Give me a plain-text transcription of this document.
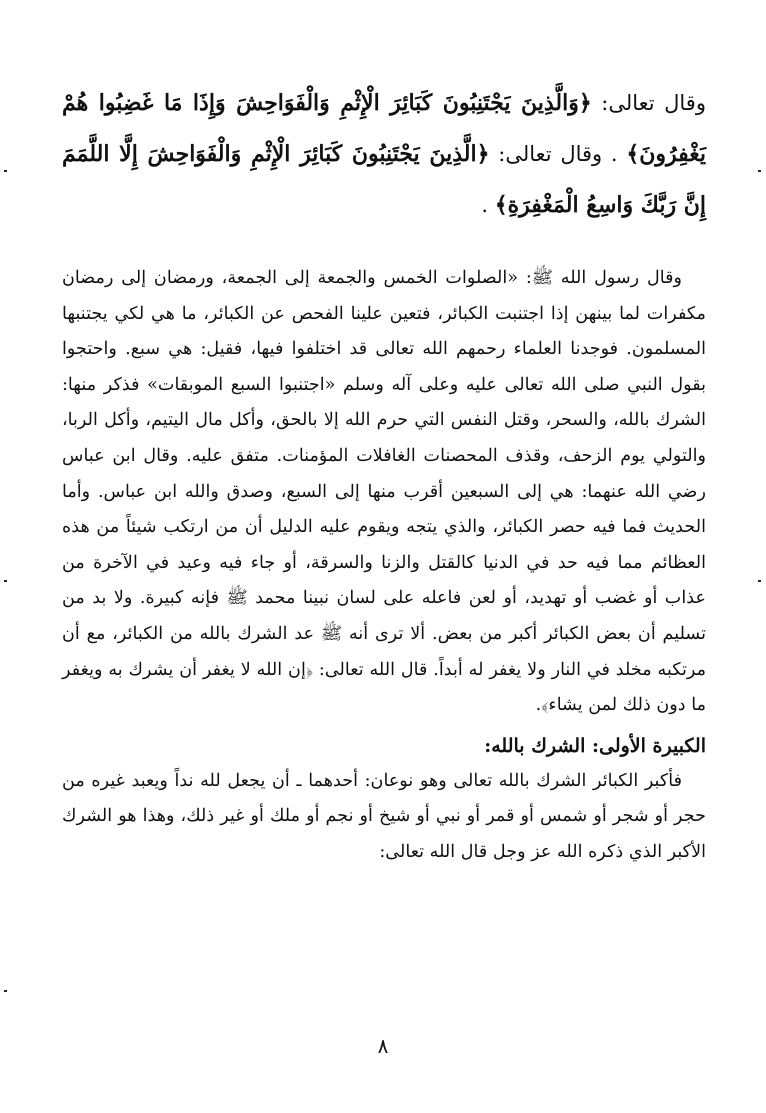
وقال تعالى: ﴿وَالَّذِينَ يَجْتَنِبُونَ كَبَائِرَ الْإِثْمِ وَالْفَوَاحِشَ وَإِذَا مَا غَضِبُوا هُمْ يَغْفِرُونَ﴾ . وقال تعالى: ﴿الَّذِينَ يَجْتَنِبُونَ كَبَائِرَ الْإِثْمِ وَالْفَوَاحِشَ إِلَّا اللَّمَمَ إِنَّ رَبَّكَ وَاسِعُ الْمَغْفِرَةِ﴾ .

وقال رسول الله ﷺ: «الصلوات الخمس والجمعة إلى الجمعة، ورمضان إلى رمضان مكفرات لما بينهن إذا اجتنبت الكبائر، فتعين علينا الفحص عن الكبائر، ما هي لكي يجتنبها المسلمون. فوجدنا العلماء رحمهم الله تعالى قد اختلفوا فيها، فقيل: هي سبع. واحتجوا بقول النبي صلى الله تعالى عليه وعلى آله وسلم «اجتنبوا السبع الموبقات» فذكر منها: الشرك بالله، والسحر، وقتل النفس التي حرم الله إلا بالحق، وأكل مال اليتيم، وأكل الربا، والتولي يوم الزحف، وقذف المحصنات الغافلات المؤمنات. متفق عليه. وقال ابن عباس رضي الله عنهما: هي إلى السبعين أقرب منها إلى السبع، وصدق والله ابن عباس. وأما الحديث فما فيه حصر الكبائر، والذي يتجه ويقوم عليه الدليل أن من ارتكب شيئاً من هذه العظائم مما فيه حد في الدنيا كالقتل والزنا والسرقة، أو جاء فيه وعيد في الآخرة من عذاب أو غضب أو تهديد، أو لعن فاعله على لسان نبينا محمد ﷺ فإنه كبيرة. ولا بد من تسليم أن بعض الكبائر أكبر من بعض. ألا ترى أنه ﷺ عد الشرك بالله من الكبائر، مع أن مرتكبه مخلد في النار ولا يغفر له أبداً. قال الله تعالى: ﴿إن الله لا يغفر أن يشرك به ويغفر ما دون ذلك لمن يشاء﴾.

الكبيرة الأولى: الشرك بالله:

فأكبر الكبائر الشرك بالله تعالى وهو نوعان: أحدهما ـ أن يجعل لله نداً ويعبد غيره من حجر أو شجر أو شمس أو قمر أو نبي أو شيخ أو نجم أو ملك أو غير ذلك، وهذا هو الشرك الأكبر الذي ذكره الله عز وجل قال الله تعالى:

٨
